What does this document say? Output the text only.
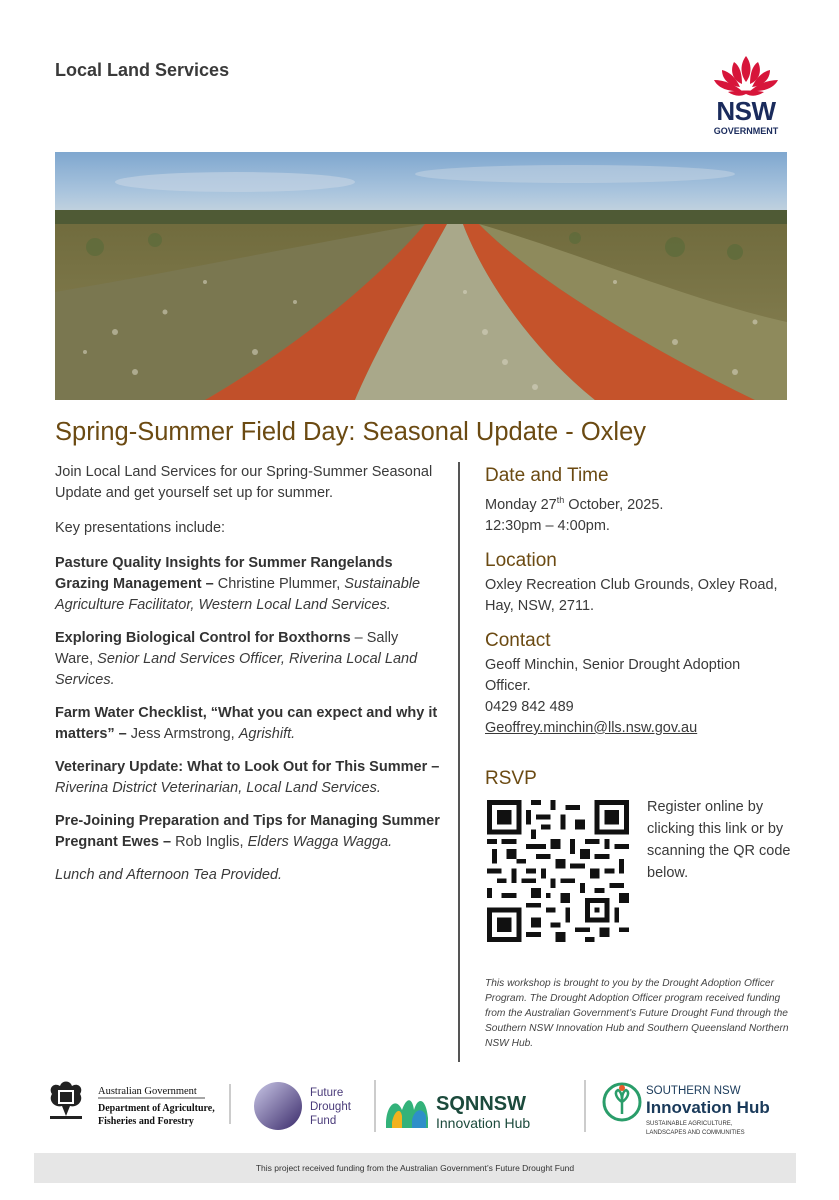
Local Land Services
NSW
GOVERNMENT
Spring-Summer Field Day: Seasonal Update - Oxley

Join Local Land Services for our Spring-Summer Seasonal Update and get yourself set up for summer.

Key presentations include:

Pasture Quality Insights for Summer Rangelands Grazing Management – Christine Plummer, Sustainable Agriculture Facilitator, Western Local Land Services.
Exploring Biological Control for Boxthorns – Sally Ware, Senior Land Services Officer, Riverina Local Land Services.
Farm Water Checklist, “What you can expect and why it matters” – Jess Armstrong, Agrishift.
Veterinary Update: What to Look Out for This Summer – Riverina District Veterinarian, Local Land Services.
Pre-Joining Preparation and Tips for Managing Summer Pregnant Ewes – Rob Inglis, Elders Wagga Wagga.

Lunch and Afternoon Tea Provided.

Date and Time
Monday 27th October, 2025.
12:30pm – 4:00pm.
Location
Oxley Recreation Club Grounds, Oxley Road, Hay, NSW, 2711.
Contact
Geoff Minchin, Senior Drought Adoption Officer.
0429 842 489
Geoffrey.minchin@lls.nsw.gov.au
RSVP
Register online by clicking this link or by scanning the QR code below.
This workshop is brought to you by the Drought Adoption Officer Program. The Drought Adoption Officer program received funding from the Australian Government’s Future Drought Fund through the Southern NSW Innovation Hub and Southern Queensland Northern NSW Hub.
Australian Government
Department of Agriculture,
Fisheries and Forestry
Future
Drought
Fund
SQNNSW
Innovation Hub
SOUTHERN NSW
Innovation Hub
SUSTAINABLE AGRICULTURE,
LANDSCAPES AND COMMUNITIES
This project received funding from the Australian Government’s Future Drought Fund
